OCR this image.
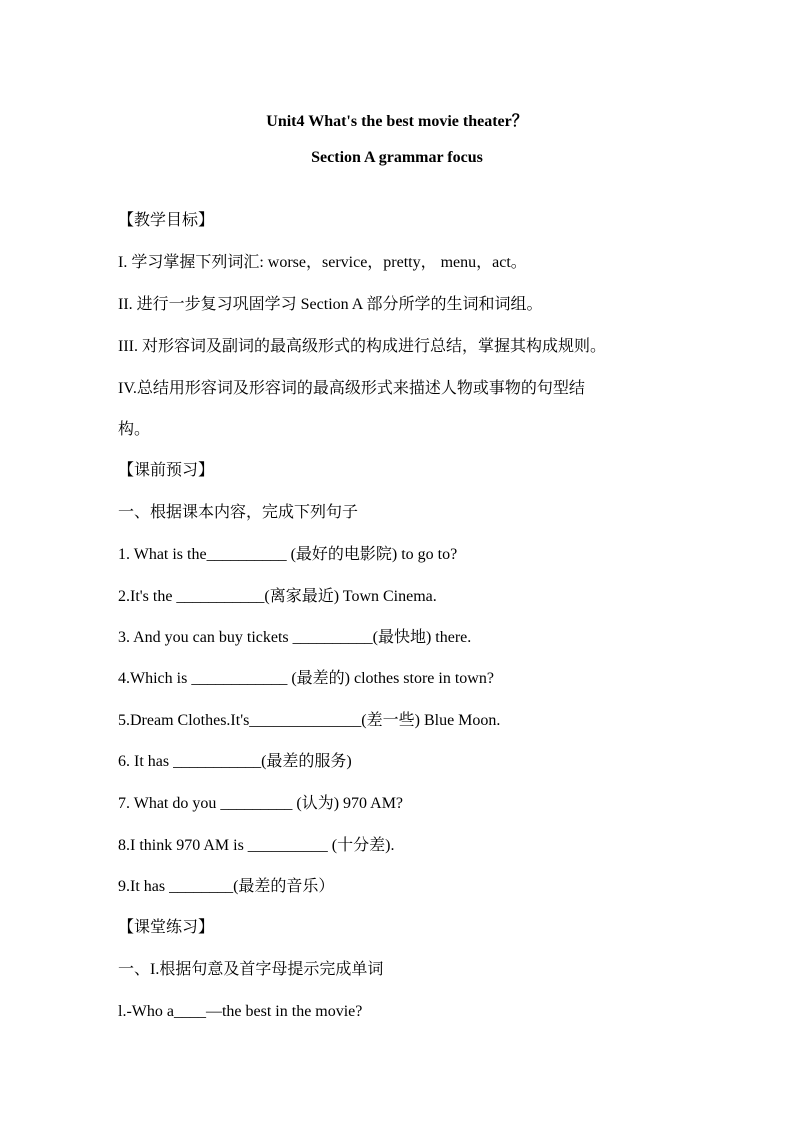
Unit4 What's the best movie theater？
Section A grammar focus
【教学目标】
I. 学习掌握下列词汇: worse，service，pretty， menu，act。
II. 进行一步复习巩固学习 Section A 部分所学的生词和词组。
III. 对形容词及副词的最高级形式的构成进行总结，掌握其构成规则。
IV.总结用形容词及形容词的最高级形式来描述人物或事物的句型结
构。
【课前预习】
一、根据课本内容，完成下列句子
1. What is the__________ (最好的电影院) to go to?
2.It's the ___________(离家最近) Town Cinema.
3. And you can buy tickets __________(最快地) there.
4.Which is ____________ (最差的) clothes store in town?
5.Dream Clothes.It's______________(差一些) Blue Moon.
6. It has ___________(最差的服务)
7. What do you _________ (认为) 970 AM?
8.I think 970 AM is __________ (十分差).
9.It has ________(最差的音乐）
【课堂练习】
一、I.根据句意及首字母提示完成单词
l.-Who a____—the best in the movie?
